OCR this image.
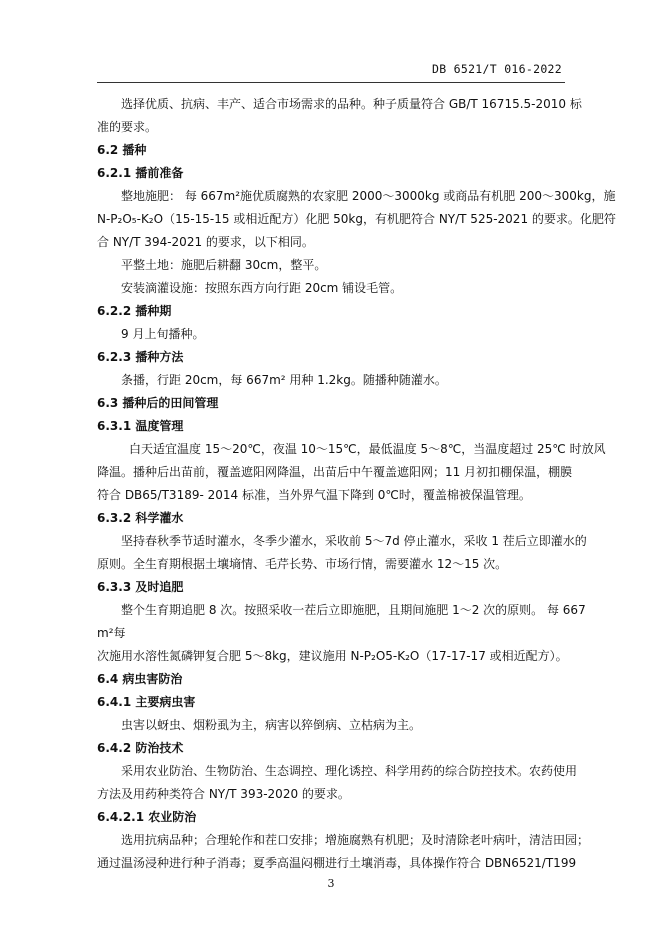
DB 6521/T 016-2022
选择优质、抗病、丰产、适合市场需求的品种。种子质量符合 GB/T 16715.5-2010 标
准的要求。
6.2 播种
6.2.1 播前准备
整地施肥： 每 667m²施优质腐熟的农家肥 2000～3000kg 或商品有机肥 200～300kg，施
N-P₂O₅-K₂O（15-15-15 或相近配方）化肥 50kg，有机肥符合 NY/T 525-2021 的要求。化肥符
合 NY/T 394-2021 的要求，以下相同。
平整土地：施肥后耕翻 30cm，整平。
安装滴灌设施：按照东西方向行距 20cm 铺设毛管。
6.2.2 播种期
9 月上旬播种。
6.2.3 播种方法
条播，行距 20cm，每 667m² 用种 1.2kg。随播种随灌水。
6.3 播种后的田间管理
6.3.1 温度管理
白天适宜温度 15～20℃，夜温 10～15℃，最低温度 5～8℃，当温度超过 25℃ 时放风
降温。播种后出苗前，覆盖遮阳网降温，出苗后中午覆盖遮阳网；11 月初扣棚保温，棚膜
符合 DB65/T3189- 2014 标准，当外界气温下降到 0℃时，覆盖棉被保温管理。
6.3.2 科学灌水
坚持春秋季节适时灌水，冬季少灌水，采收前 5～7d 停止灌水，采收 1 茬后立即灌水的
原则。全生育期根据土壤墒情、毛芹长势、市场行情，需要灌水 12～15 次。
6.3.3 及时追肥
整个生育期追肥 8 次。按照采收一茬后立即施肥，且期间施肥 1～2 次的原则。 每 667
m²每
次施用水溶性氮磷钾复合肥 5～8kg，建议施用 N-P₂O5-K₂O（17-17-17 或相近配方）。
6.4 病虫害防治
6.4.1 主要病虫害
虫害以蚜虫、烟粉虱为主，病害以猝倒病、立枯病为主。
6.4.2 防治技术
采用农业防治、生物防治、生态调控、理化诱控、科学用药的综合防控技术。农药使用
方法及用药种类符合 NY/T 393-2020 的要求。
6.4.2.1 农业防治
选用抗病品种；合理轮作和茬口安排；增施腐熟有机肥；及时清除老叶病叶，清洁田园；
通过温汤浸种进行种子消毒；夏季高温闷棚进行土壤消毒，具体操作符合 DBN6521/T199
3
